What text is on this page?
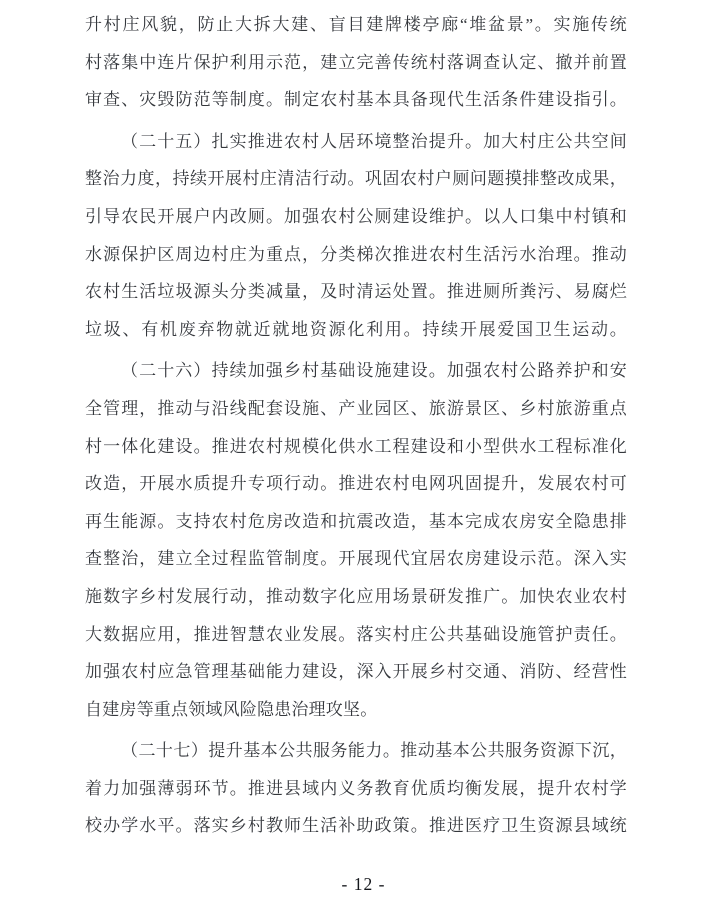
升村庄风貌，防止大拆大建、盲目建牌楼亭廊“堆盆景”。实施传统
村落集中连片保护利用示范，建立完善传统村落调查认定、撤并前置
审查、灾毁防范等制度。制定农村基本具备现代生活条件建设指引。
（二十五）扎实推进农村人居环境整治提升。加大村庄公共空间
整治力度，持续开展村庄清洁行动。巩固农村户厕问题摸排整改成果，
引导农民开展户内改厕。加强农村公厕建设维护。以人口集中村镇和
水源保护区周边村庄为重点，分类梯次推进农村生活污水治理。推动
农村生活垃圾源头分类减量，及时清运处置。推进厕所粪污、易腐烂
垃圾、有机废弃物就近就地资源化利用。持续开展爱国卫生运动。
（二十六）持续加强乡村基础设施建设。加强农村公路养护和安
全管理，推动与沿线配套设施、产业园区、旅游景区、乡村旅游重点
村一体化建设。推进农村规模化供水工程建设和小型供水工程标准化
改造，开展水质提升专项行动。推进农村电网巩固提升，发展农村可
再生能源。支持农村危房改造和抗震改造，基本完成农房安全隐患排
查整治，建立全过程监管制度。开展现代宜居农房建设示范。深入实
施数字乡村发展行动，推动数字化应用场景研发推广。加快农业农村
大数据应用，推进智慧农业发展。落实村庄公共基础设施管护责任。
加强农村应急管理基础能力建设，深入开展乡村交通、消防、经营性
自建房等重点领域风险隐患治理攻坚。
（二十七）提升基本公共服务能力。推动基本公共服务资源下沉，
着力加强薄弱环节。推进县域内义务教育优质均衡发展，提升农村学
校办学水平。落实乡村教师生活补助政策。推进医疗卫生资源县域统
- 12 -
